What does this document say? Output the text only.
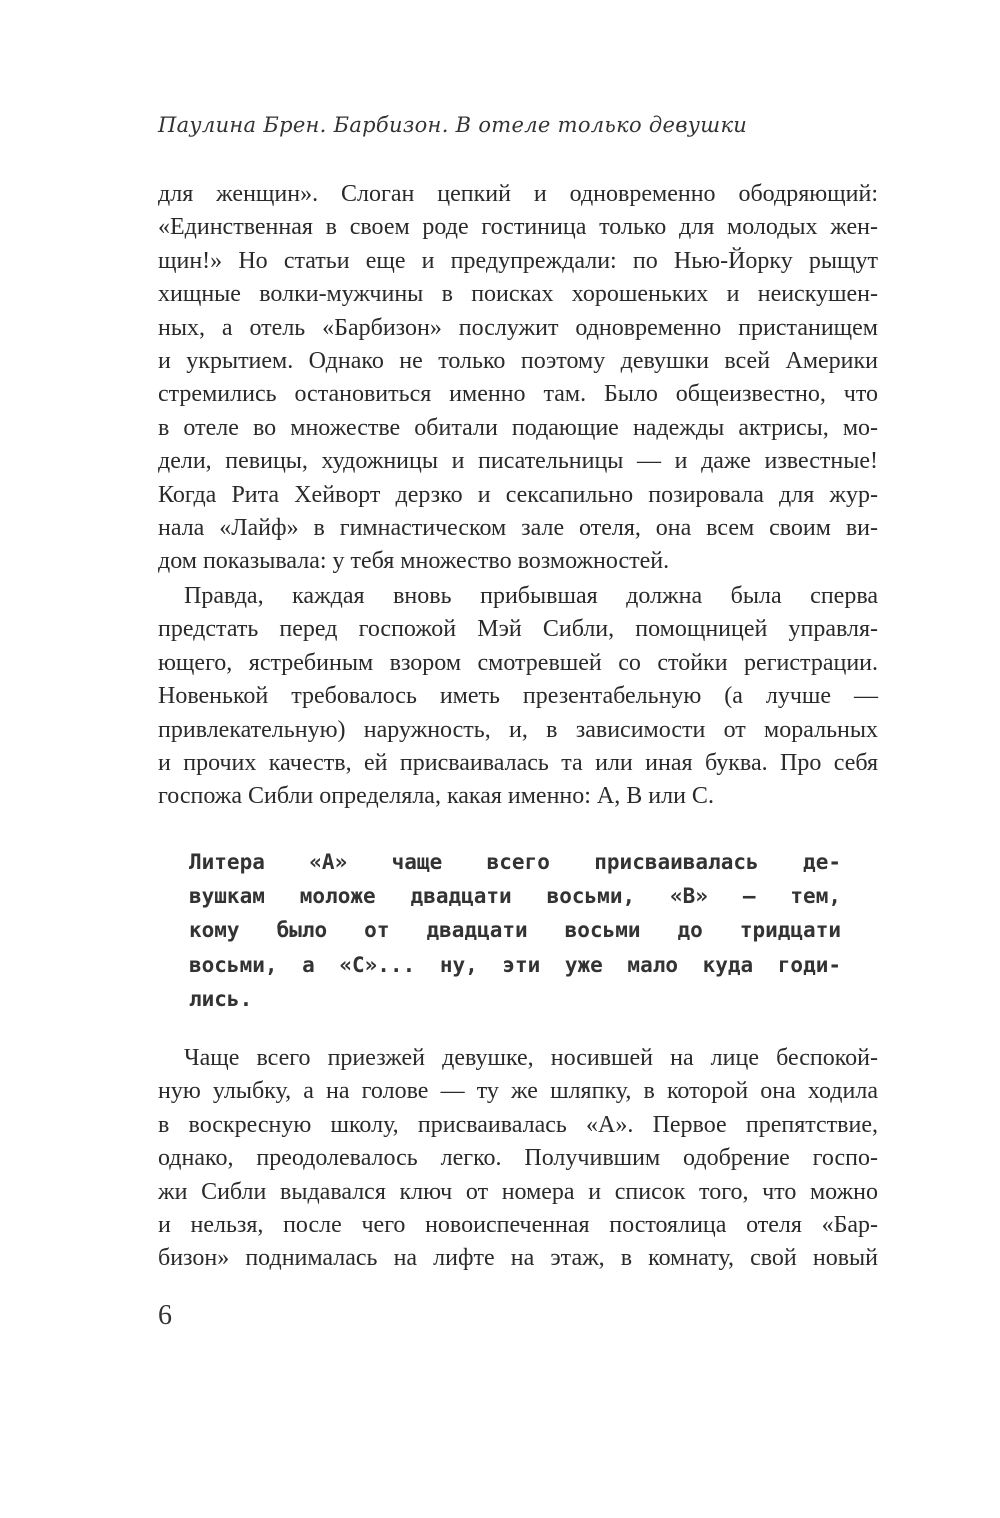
Паулина Брен. Барбизон. В отеле только девушки
для женщин». Слоган цепкий и одновременно ободряющий:
«Единственная в своем роде гостиница только для молодых жен-
щин!» Но статьи еще и предупреждали: по Нью-Йорку рыщут
хищные волки-мужчины в поисках хорошеньких и неискушен-
ных, а отель «Барбизон» послужит одновременно пристанищем
и укрытием. Однако не только поэтому девушки всей Америки
стремились остановиться именно там. Было общеизвестно, что
в отеле во множестве обитали подающие надежды актрисы, мо-
дели, певицы, художницы и писательницы — и даже известные!
Когда Рита Хейворт дерзко и сексапильно позировала для жур-
нала «Лайф» в гимнастическом зале отеля, она всем своим ви-
дом показывала: у тебя множество возможностей.
Правда, каждая вновь прибывшая должна была сперва
предстать перед госпожой Мэй Сибли, помощницей управля-
ющего, ястребиным взором смотревшей со стойки регистрации.
Новенькой требовалось иметь презентабельную (а лучше —
привлекательную) наружность, и, в зависимости от моральных
и прочих качеств, ей присваивалась та или иная буква. Про себя
госпожа Сибли определяла, какая именно: А, В или С.
Литера «А» чаще всего присваивалась де-
вушкам моложе двадцати восьми, «В» — тем,
кому было от двадцати восьми до тридцати
восьми, а «С»... ну, эти уже мало куда годи-
лись.
Чаще всего приезжей девушке, носившей на лице беспокой-
ную улыбку, а на голове — ту же шляпку, в которой она ходила
в воскресную школу, присваивалась «А». Первое препятствие,
однако, преодолевалось легко. Получившим одобрение госпо-
жи Сибли выдавался ключ от номера и список того, что можно
и нельзя, после чего новоиспеченная постоялица отеля «Бар-
бизон» поднималась на лифте на этаж, в комнату, свой новый
6
